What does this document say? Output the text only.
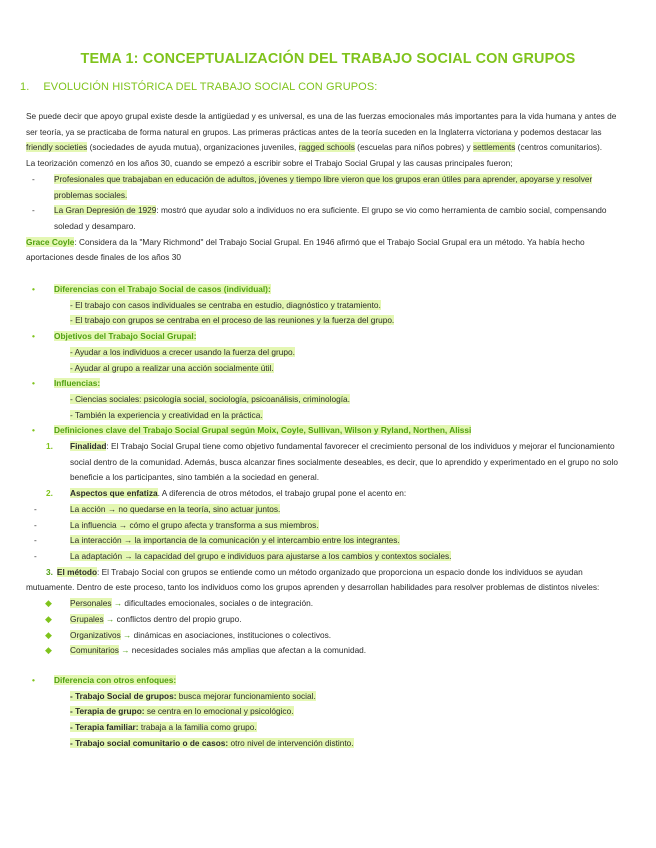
TEMA 1: CONCEPTUALIZACIÓN DEL TRABAJO SOCIAL CON GRUPOS
1. EVOLUCIÓN HISTÓRICA DEL TRABAJO SOCIAL CON GRUPOS:

Se puede decir que apoyo grupal existe desde la antigüedad y es universal, es una de las fuerzas emocionales más importantes para la vida humana y antes de ser teoría, ya se practicaba de forma natural en grupos. Las primeras prácticas antes de la teoría suceden en la Inglaterra victoriana y podemos destacar las friendly societies (sociedades de ayuda mutua), organizaciones juveniles, ragged schools (escuelas para niños pobres) y settlements (centros comunitarios).

La teorización comenzó en los años 30, cuando se empezó a escribir sobre el Trabajo Social Grupal y las causas principales fueron;

-	Profesionales que trabajaban en educación de adultos, jóvenes y tiempo libre vieron que los grupos eran útiles para aprender, apoyarse y resolver problemas sociales.
-	La Gran Depresión de 1929: mostró que ayudar solo a individuos no era suficiente. El grupo se vio como herramienta de cambio social, compensando soledad y desamparo.

Grace Coyle: Considera da la "Mary Richmond" del Trabajo Social Grupal. En 1946 afirmó que el Trabajo Social Grupal era un método. Ya había hecho aportaciones desde finales de los años 30

•	Diferencias con el Trabajo Social de casos (individual):
- El trabajo con casos individuales se centraba en estudio, diagnóstico y tratamiento.
- El trabajo con grupos se centraba en el proceso de las reuniones y la fuerza del grupo.
•	Objetivos del Trabajo Social Grupal:
- Ayudar a los individuos a crecer usando la fuerza del grupo.
- Ayudar al grupo a realizar una acción socialmente útil.
•	Influencias:
- Ciencias sociales: psicología social, sociología, psicoanálisis, criminología.
- También la experiencia y creatividad en la práctica.
•	Definiciones clave del Trabajo Social Grupal según Moix, Coyle, Sullivan, Wilson y Ryland, Northen, Alissi
1.	Finalidad: El Trabajo Social Grupal tiene como objetivo fundamental favorecer el crecimiento personal de los individuos y mejorar el funcionamiento social dentro de la comunidad. Además, busca alcanzar fines socialmente deseables, es decir, que lo aprendido y experimentado en el grupo no solo beneficie a los participantes, sino también a la sociedad en general.
2.	Aspectos que enfatiza. A diferencia de otros métodos, el trabajo grupal pone el acento en:
-	La acción → no quedarse en la teoría, sino actuar juntos.
-	La influencia → cómo el grupo afecta y transforma a sus miembros.
-	La interacción → la importancia de la comunicación y el intercambio entre los integrantes.
-	La adaptación → la capacidad del grupo e individuos para ajustarse a los cambios y contextos sociales.

3. El método: El Trabajo Social con grupos se entiende como un método organizado que proporciona un espacio donde los individuos se ayudan mutuamente. Dentro de este proceso, tanto los individuos como los grupos aprenden y desarrollan habilidades para resolver problemas de distintos niveles:

◆	Personales → dificultades emocionales, sociales o de integración.
◆	Grupales → conflictos dentro del propio grupo.
◆	Organizativos → dinámicas en asociaciones, instituciones o colectivos.
◆	Comunitarios → necesidades sociales más amplias que afectan a la comunidad.
•	Diferencia con otros enfoques:
- Trabajo Social de grupos: busca mejorar funcionamiento social.
- Terapia de grupo: se centra en lo emocional y psicológico.
- Terapia familiar: trabaja a la familia como grupo.
- Trabajo social comunitario o de casos: otro nivel de intervención distinto.
